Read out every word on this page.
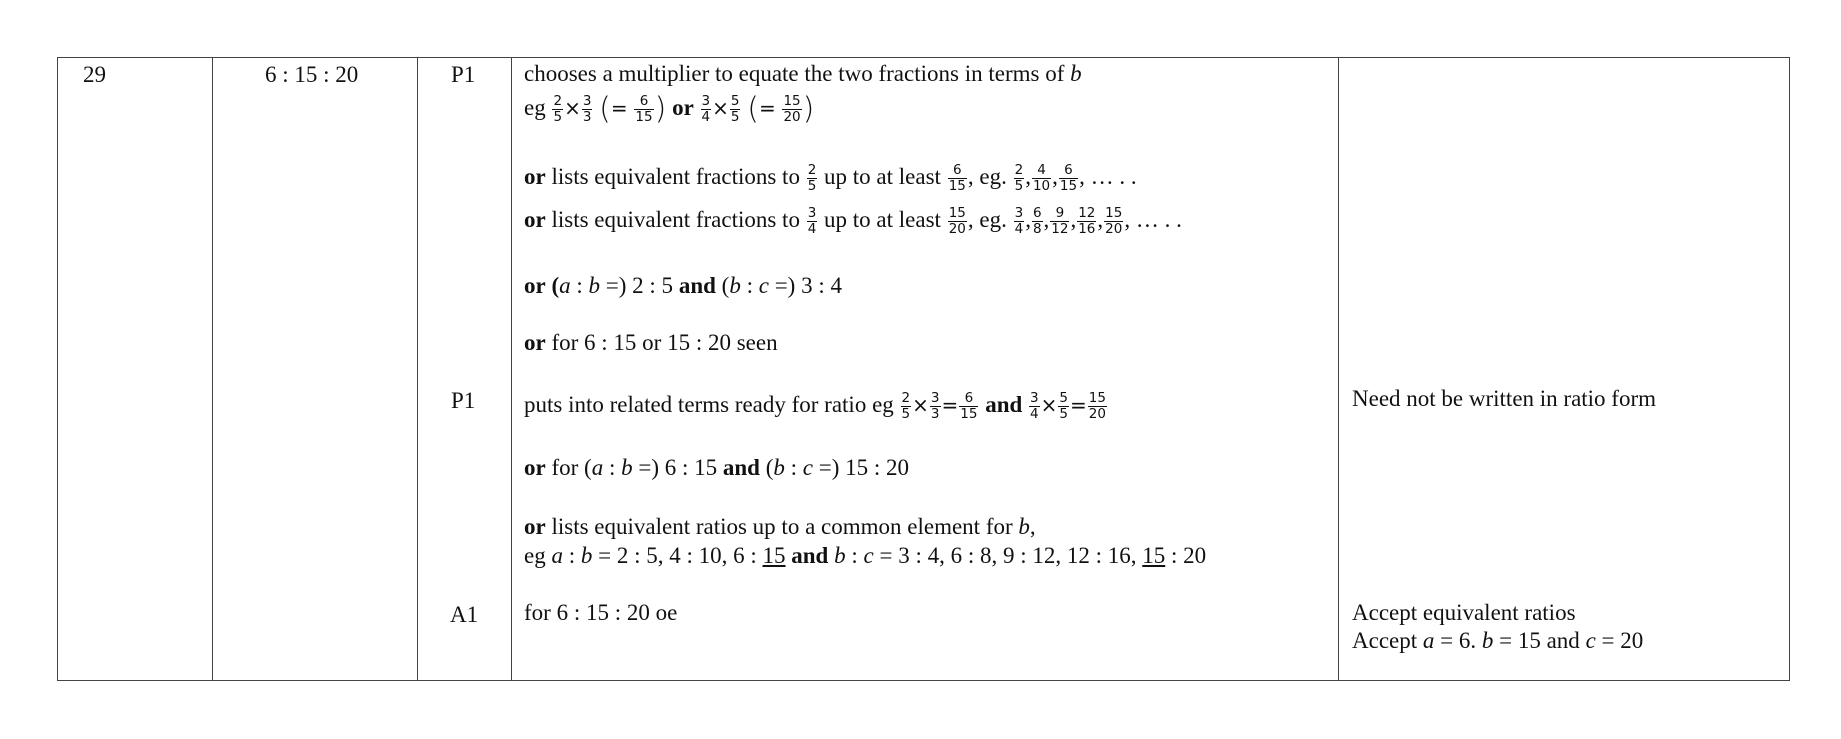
29	6 : 15 : 20	P1
P1
A1
chooses a multiplier to equate the two fractions in terms of b
eg $\frac{2}{5} \times \frac{3}{3}$ (= $\frac{6}{15}$ ) or $\frac{3}{4} \times \frac{5}{5}$ (= $\frac{15}{20}$ )
or lists equivalent fractions to $\frac{2}{5}$ up to at least $\frac{6}{15}$ , eg. $\frac{2}{5}$ , $\frac{4}{10}$ , $\frac{6}{15}$ , … . .
or lists equivalent fractions to $\frac{3}{4}$ up to at least $\frac{15}{20}$ , eg. $\frac{3}{4}$ , $\frac{6}{8}$ , $\frac{9}{12}$ , $\frac{12}{16}$ , $\frac{15}{20}$ , … . .
or (a : b =) 2 : 5 and (b : c =) 3 : 4
or for 6 : 15 or 15 : 20 seen
puts into related terms ready for ratio eg $\frac{2}{5} \times \frac{3}{3} = \frac{6}{15}$ and $\frac{3}{4} \times \frac{5}{5} = \frac{15}{20}$
or for (a : b =) 6 : 15 and (b : c =) 15 : 20
or lists equivalent ratios up to a common element for b,
eg a : b = 2 : 5, 4 : 10, 6 : 15 and b : c = 3 : 4, 6 : 8, 9 : 12, 12 : 16, 15 : 20
for 6 : 15 : 20 oe
Need not be written in ratio form
Accept equivalent ratios
Accept a = 6. b = 15 and c = 20
